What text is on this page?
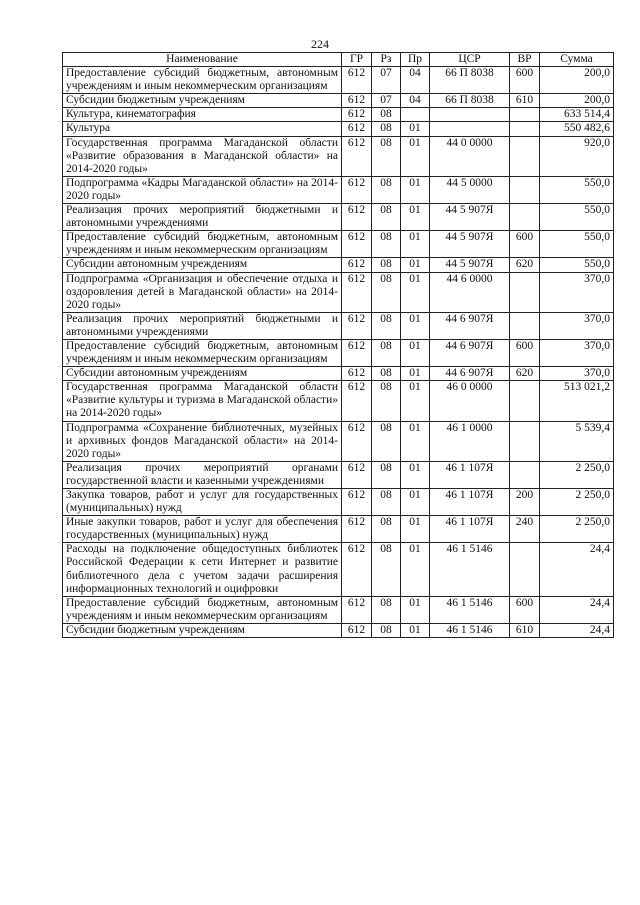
224
Наименование	ГР	Рз	Пр	ЦСР	ВР	Сумма
Предоставление субсидий бюджетным, автономным учреждениям и иным некоммерческим организациям	612	07	04	66 П 8038	600	200,0
Субсидии бюджетным учреждениям	612	07	04	66 П 8038	610	200,0
Культура, кинематография	612	08				633 514,4
Культура	612	08	01			550 482,6
Государственная программа Магаданской области «Развитие образования в Магаданской области» на 2014-2020 годы»	612	08	01	44 0 0000		920,0
Подпрограмма «Кадры Магаданской области» на 2014-2020 годы»	612	08	01	44 5 0000		550,0
Реализация прочих мероприятий бюджетными и автономными учреждениями	612	08	01	44 5 907Я		550,0
Предоставление субсидий бюджетным, автономным учреждениям и иным некоммерческим организациям	612	08	01	44 5 907Я	600	550,0
Субсидии автономным учреждениям	612	08	01	44 5 907Я	620	550,0
Подпрограмма «Организация и обеспечение отдыха и оздоровления детей в Магаданской области» на 2014-2020 годы»	612	08	01	44 6 0000		370,0
Реализация прочих мероприятий бюджетными и автономными учреждениями	612	08	01	44 6 907Я		370,0
Предоставление субсидий бюджетным, автономным учреждениям и иным некоммерческим организациям	612	08	01	44 6 907Я	600	370,0
Субсидии автономным учреждениям	612	08	01	44 6 907Я	620	370,0
Государственная программа Магаданской области «Развитие культуры и туризма в Магаданской области» на 2014-2020 годы»	612	08	01	46 0 0000		513 021,2
Подпрограмма «Сохранение библиотечных, музейных и архивных фондов Магаданской области» на 2014-2020 годы»	612	08	01	46 1 0000		5 539,4
Реализация прочих мероприятий органами государственной власти и казенными учреждениями	612	08	01	46 1 107Я		2 250,0
Закупка товаров, работ и услуг для государственных (муниципальных) нужд	612	08	01	46 1 107Я	200	2 250,0
Иные закупки товаров, работ и услуг для обеспечения государственных (муниципальных) нужд	612	08	01	46 1 107Я	240	2 250,0
Расходы на подключение общедоступных библиотек Российской Федерации к сети Интернет и развитие библиотечного дела с учетом задачи расширения информационных технологий и оцифровки	612	08	01	46 1 5146		24,4
Предоставление субсидий бюджетным, автономным учреждениям и иным некоммерческим организациям	612	08	01	46 1 5146	600	24,4
Субсидии бюджетным учреждениям	612	08	01	46 1 5146	610	24,4
